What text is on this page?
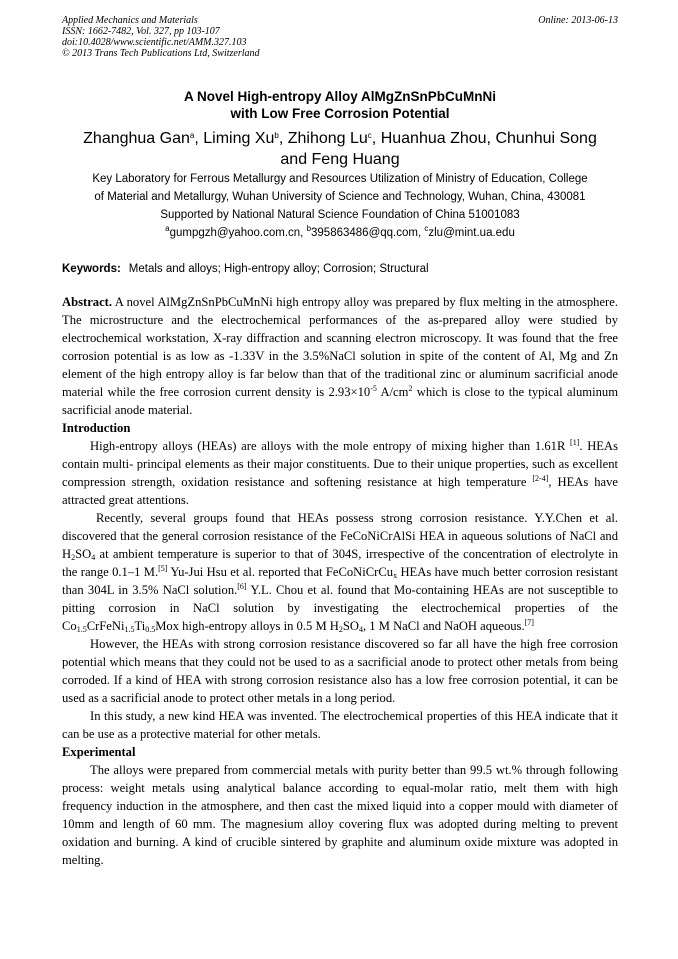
Applied Mechanics and Materials
ISSN: 1662-7482, Vol. 327, pp 103-107
doi:10.4028/www.scientific.net/AMM.327.103
© 2013 Trans Tech Publications Ltd, Switzerland
Online: 2013-06-13
A Novel High-entropy Alloy AlMgZnSnPbCuMnNi
with Low Free Corrosion Potential
Zhanghua Gan$^a$, Liming Xu$^b$, Zhihong Lu$^c$, Huanhua Zhou, Chunhui Song
and Feng Huang
Key Laboratory for Ferrous Metallurgy and Resources Utilization of Ministry of Education, College
of Material and Metallurgy, Wuhan University of Science and Technology, Wuhan, China, 430081
Supported by National Natural Science Foundation of China 51001083
$^a$gumpgzh@yahoo.com.cn, $^b$395863486@qq.com, $^c$zlu@mint.ua.edu
Keywords: Metals and alloys; High-entropy alloy; Corrosion; Structural

Abstract. A novel AlMgZnSnPbCuMnNi high entropy alloy was prepared by flux melting in the atmosphere. The microstructure and the electrochemical performances of the as-prepared alloy were studied by electrochemical workstation, X-ray diffraction and scanning electron microscopy. It was found that the free corrosion potential is as low as -1.33V in the 3.5%NaCl solution in spite of the content of Al, Mg and Zn element of the high entropy alloy is far below than that of the traditional zinc or aluminum sacrificial anode material while the free corrosion current density is $2.93\times 10^{-5}$ $A/cm^2$ which is close to the typical aluminum sacrificial anode material.

Introduction

High-entropy alloys (HEAs) are alloys with the mole entropy of mixing higher than 1.61R [1]. HEAs contain multi- principal elements as their major constituents. Due to their unique properties, such as excellent compression strength, oxidation resistance and softening resistance at high temperature [2-4], HEAs have attracted great attentions.

Recently, several groups found that HEAs possess strong corrosion resistance. Y.Y.Chen et al. discovered that the general corrosion resistance of the FeCoNiCrAlSi HEA in aqueous solutions of NaCl and $H_2SO_4$ at ambient temperature is superior to that of 304S, irrespective of the concentration of electrolyte in the range 0.1–1 M.[5] Yu-Jui Hsu et al. reported that FeCoNiCrCu$_x$ HEAs have much better corrosion resistant than 304L in 3.5% NaCl solution.[6] Y.L. Chou et al. found that Mo-containing HEAs are not susceptible to pitting corrosion in NaCl solution by investigating the electrochemical properties of the $Co_{1.5}CrFeNi_{1.5}Ti_{0.5}Mox$ high-entropy alloys in 0.5 M $H_2SO_4$, 1 M NaCl and NaOH aqueous.[7]

However, the HEAs with strong corrosion resistance discovered so far all have the high free corrosion potential which means that they could not be used to as a sacrificial anode to protect other metals from being corroded. If a kind of HEA with strong corrosion resistance also has a low free corrosion potential, it can be used as a sacrificial anode to protect other metals in a long period.

In this study, a new kind HEA was invented. The electrochemical properties of this HEA indicate that it can be use as a protective material for other metals.

Experimental

The alloys were prepared from commercial metals with purity better than 99.5 wt.% through following process: weight metals using analytical balance according to equal-molar ratio, melt them with high frequency induction in the atmosphere, and then cast the mixed liquid into a copper mould with diameter of 10mm and length of 60 mm. The magnesium alloy covering flux was adopted during melting to prevent oxidation and burning. A kind of crucible sintered by graphite and aluminum oxide mixture was adopted in melting.
